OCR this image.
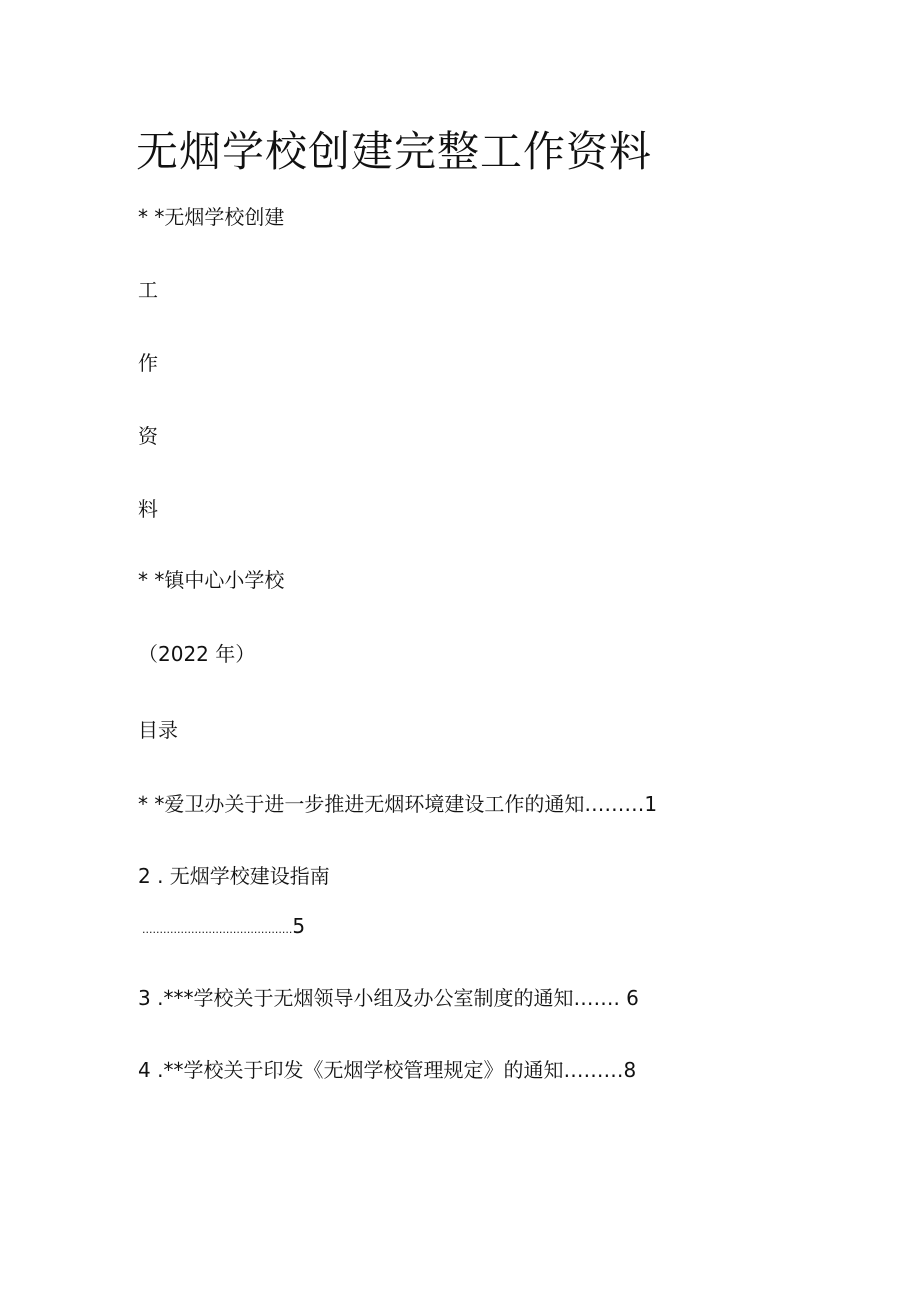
无烟学校创建完整工作资料
* *无烟学校创建
工
作
资
料
* *镇中心小学校
（2022 年）
目录
* *爱卫办关于进一步推进无烟环境建设工作的通知………1
2 . 无烟学校建设指南
...........................................5
3 .***学校关于无烟领导小组及办公室制度的通知……. 6
4 .**学校关于印发《无烟学校管理规定》的通知………8
